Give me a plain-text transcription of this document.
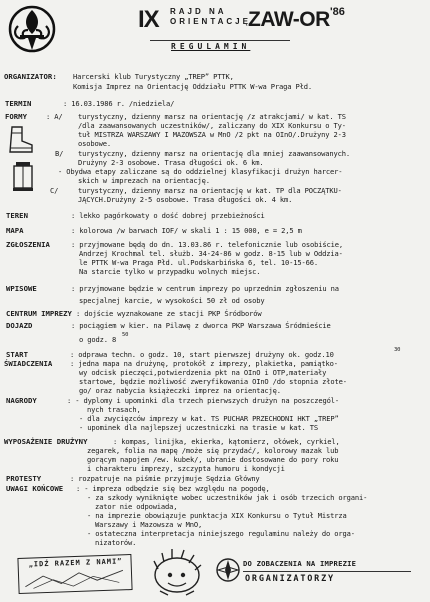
IX RAJD NA
ORIENTACJĘ
ZAW-OR '86
REGULAMIN
ORGANIZATOR: Harcerski klub Turystyczny „TREP” PTTK,
Komisja Imprez na Orientację Oddziału PTTK W-wa Praga Płd.
TERMIN	: 16.03.1986 r. /niedziela/
FORMY	: A/ turystyczny, dzienny marsz na orientację /z atrakcjami/ w kat. TS
/dla zaawansowanych uczestników/, zaliczany do XIX Konkursu o Ty-
tuł MISTRZA WARSZAWY I MAZOWSZA w MnO /2 pkt na OInO/.Drużyny 2-3
osobowe.
B/ turystyczny, dzienny marsz na orientację dla mniej zaawansowanych.
Drużyny 2-3 osobowe. Trasa długości ok. 6 km.
- Obydwa etapy zaliczane są do oddzielnej klasyfikacji drużyn harcer-
skich w imprezach na orientację.
C/	turystyczny, dzienny marsz na orientację w kat. TP dla POCZĄTKU-
JĄCYCH.Drużyny 2-5 osobowe. Trasa długości ok. 4 km.
TEREN	: lekko pagórkowaty o dość dobrej przebieżności
MAPA	: kolorowa /w barwach IOF/ w skali 1 : 15 000, e = 2,5 m
ZGŁOSZENIA	: przyjmowane będą do dn. 13.03.86 r. telefonicznie lub osobiście,
Andrzej Krochmal tel. służb. 34-24-86 w godz. 8-15 lub w Oddzia-
le PTTK W-wa Praga Płd. ul.Podskarbińska 6, tel. 10-15-66.
Na starcie tylko w przypadku wolnych miejsc.
WPISOWE	: przyjmowane będzie w centrum imprezy po uprzednim zgłoszeniu na
specjalnej karcie, w wysokości 50 zł od osoby
CENTRUM IMPREZY : dojście wyznakowane ze stacji PKP Śródborów
DOJAZD	: pociągiem w kier. na Pilawę z dworca PKP Warszawa Śródmieście
o godz. 8 50
START	: odprawa techn. o godz. 10, start pierwszej drużyny ok. godz.10	30
ŚWIADCZENIA : jedna mapa na drużynę, protokół z imprezy, plakietka, pamiątko-
wy odcisk pieczęci,potwierdzenia pkt na OInO i OTP,materiały
startowe, będzie możliwość zweryfikowania OInO /do stopnia złote-
go/ oraz nabycia książeczki imprez na orientację.
NAGRODY	: - dyplomy i upominki dla trzech pierwszych drużyn na poszczegól-
nych trasach,
- dla zwycięzców imprezy w kat. TS PUCHAR PRZECHODNI HKT „TREP”
- upominek dla najlepszej uczestniczki na trasie w kat. TS
WYPOSAŻENIE DRUŻYNY	: kompas, linijka, ekierka, kątomierz, ołówek, cyrkiel,
zegarek, folia na mapę /może się przydać/, kolorowy mazak lub
gorącym napojem /ew. kubek/, ubranie dostosowane do pory roku
i charakteru imprezy, szczypta humoru i kondycji
PROTESTY	: rozpatruje na piśmie przyjmuje Sędzia Główny
UWAGI KOŃCOWE : - impreza odbędzie się bez względu na pogodę,
- za szkody wyniknięte wobec uczestników jak i osób trzecich organi-
zator nie odpowiada,
- na imprezie obowiązuje punktacja XIX Konkursu o Tytuł Mistrza
Warszawy i Mazowsza w MnO,
- ostateczna interpretacja niniejszego regulaminu należy do orga-
nizatorów.
„IDŹ RAZEM Z NAMI”	DO ZOBACZENIA NA IMPREZIE
ORGANIZATORZY
